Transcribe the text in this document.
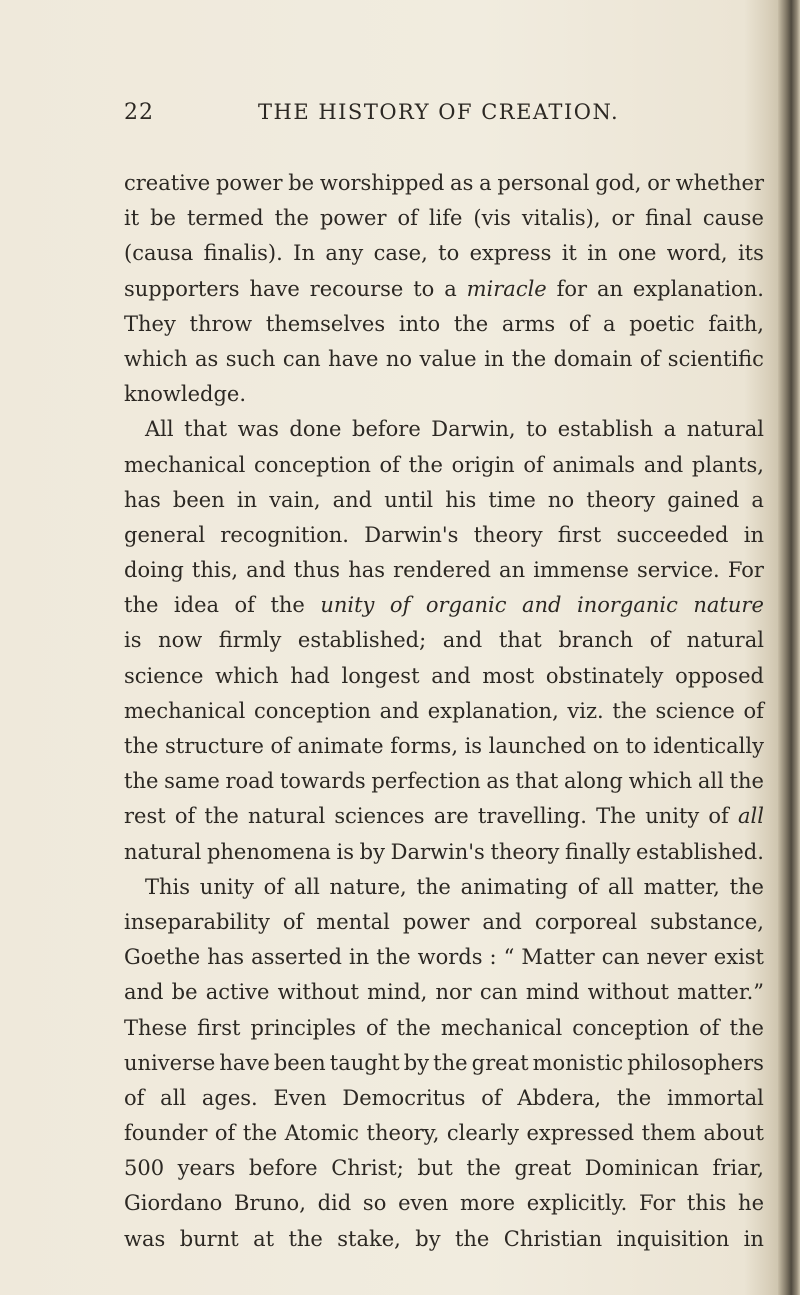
22	THE HISTORY OF CREATION.
creative power be worshipped as a personal god, or whether
it be termed the power of life (vis vitalis), or final cause
(causa finalis). In any case, to express it in one word, its
supporters have recourse to a miracle for an explanation.
They throw themselves into the arms of a poetic faith,
which as such can have no value in the domain of scientific
knowledge.
All that was done before Darwin, to establish a natural
mechanical conception of the origin of animals and plants,
has been in vain, and until his time no theory gained a
general recognition. Darwin's theory first succeeded in
doing this, and thus has rendered an immense service. For
the idea of the unity of organic and inorganic nature
is now firmly established; and that branch of natural
science which had longest and most obstinately opposed
mechanical conception and explanation, viz. the science of
the structure of animate forms, is launched on to identically
the same road towards perfection as that along which all the
rest of the natural sciences are travelling. The unity of all
natural phenomena is by Darwin's theory finally established.
This unity of all nature, the animating of all matter, the
inseparability of mental power and corporeal substance,
Goethe has asserted in the words : “ Matter can never exist
and be active without mind, nor can mind without matter.”
These first principles of the mechanical conception of the
universe have been taught by the great monistic philosophers
of all ages. Even Democritus of Abdera, the immortal
founder of the Atomic theory, clearly expressed them about
500 years before Christ; but the great Dominican friar,
Giordano Bruno, did so even more explicitly. For this he
was burnt at the stake, by the Christian inquisition in
